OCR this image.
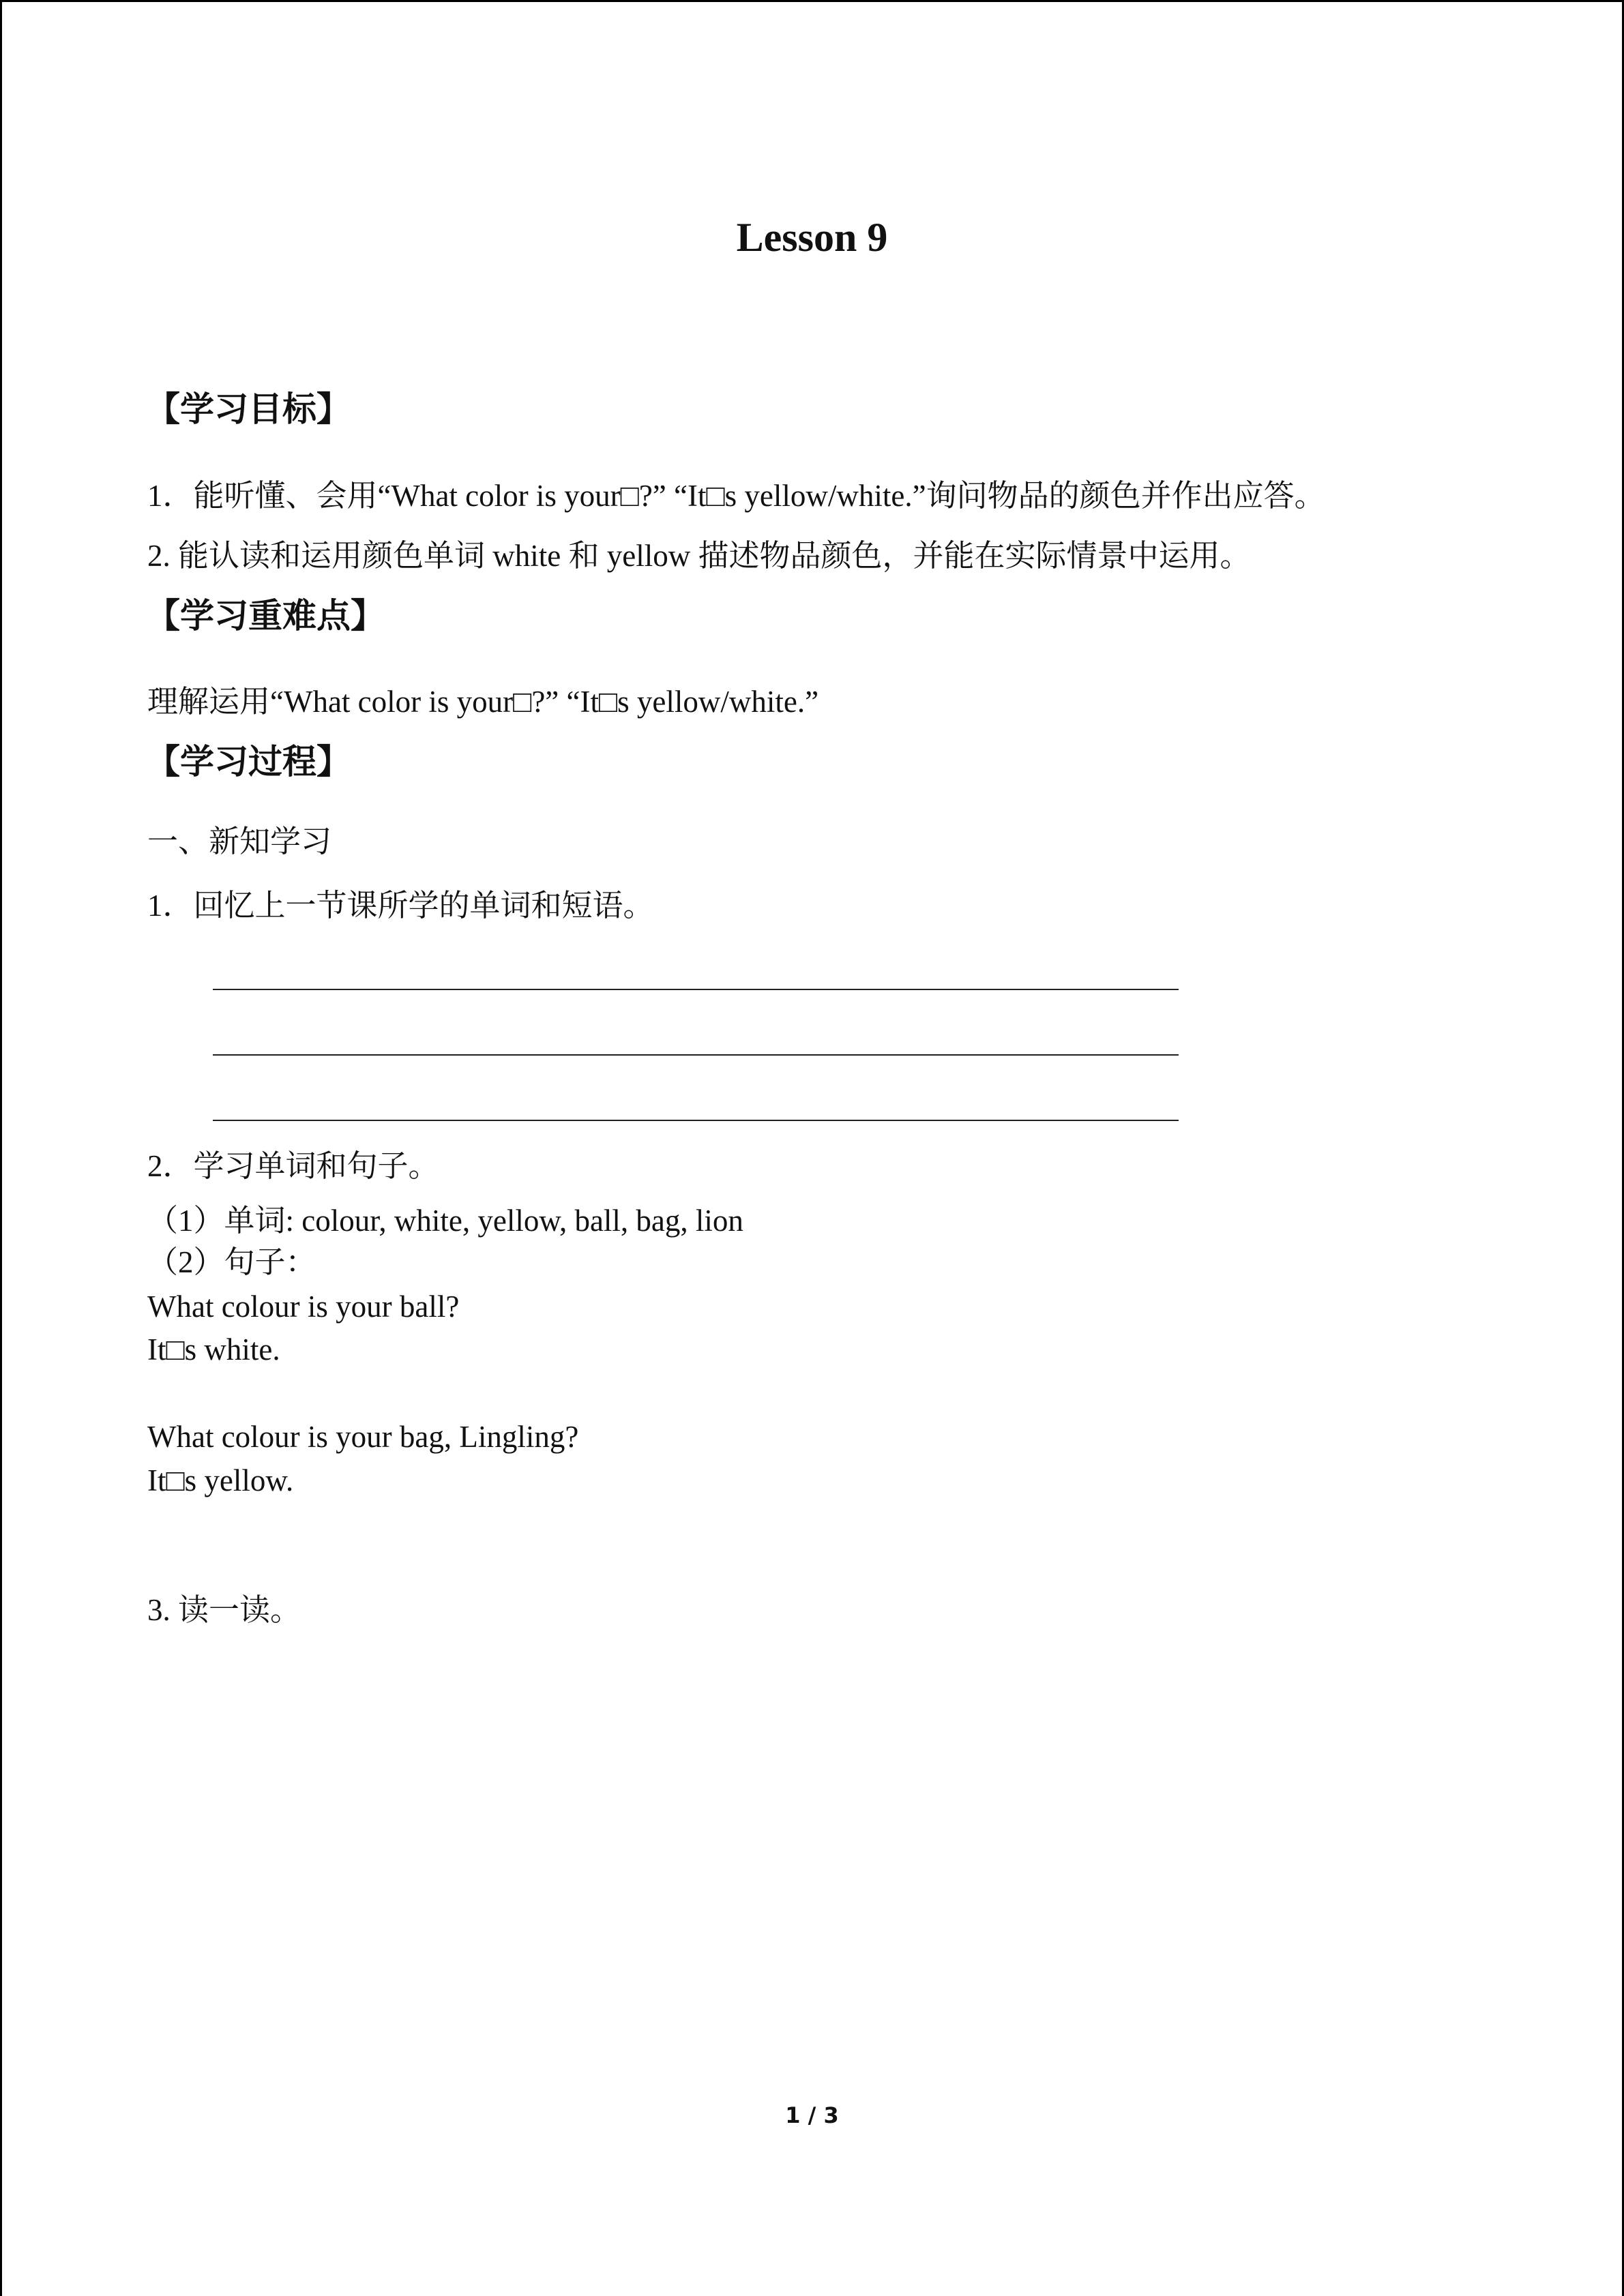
Lesson 9
【学习目标】
1．能听懂、会用“What color is your□?” “It□s yellow/white.”询问物品的颜色并作出应答。
2. 能认读和运用颜色单词 white 和 yellow 描述物品颜色，并能在实际情景中运用。
【学习重难点】
理解运用“What color is your□?” “It□s yellow/white.”
【学习过程】
一、新知学习
1．回忆上一节课所学的单词和短语。
2．学习单词和句子。
（1）单词: colour, white, yellow, ball, bag, lion
（2）句子：
What colour is your ball?
It□s white.
What colour is your bag, Lingling?
It□s yellow.
3. 读一读。
1 / 3
